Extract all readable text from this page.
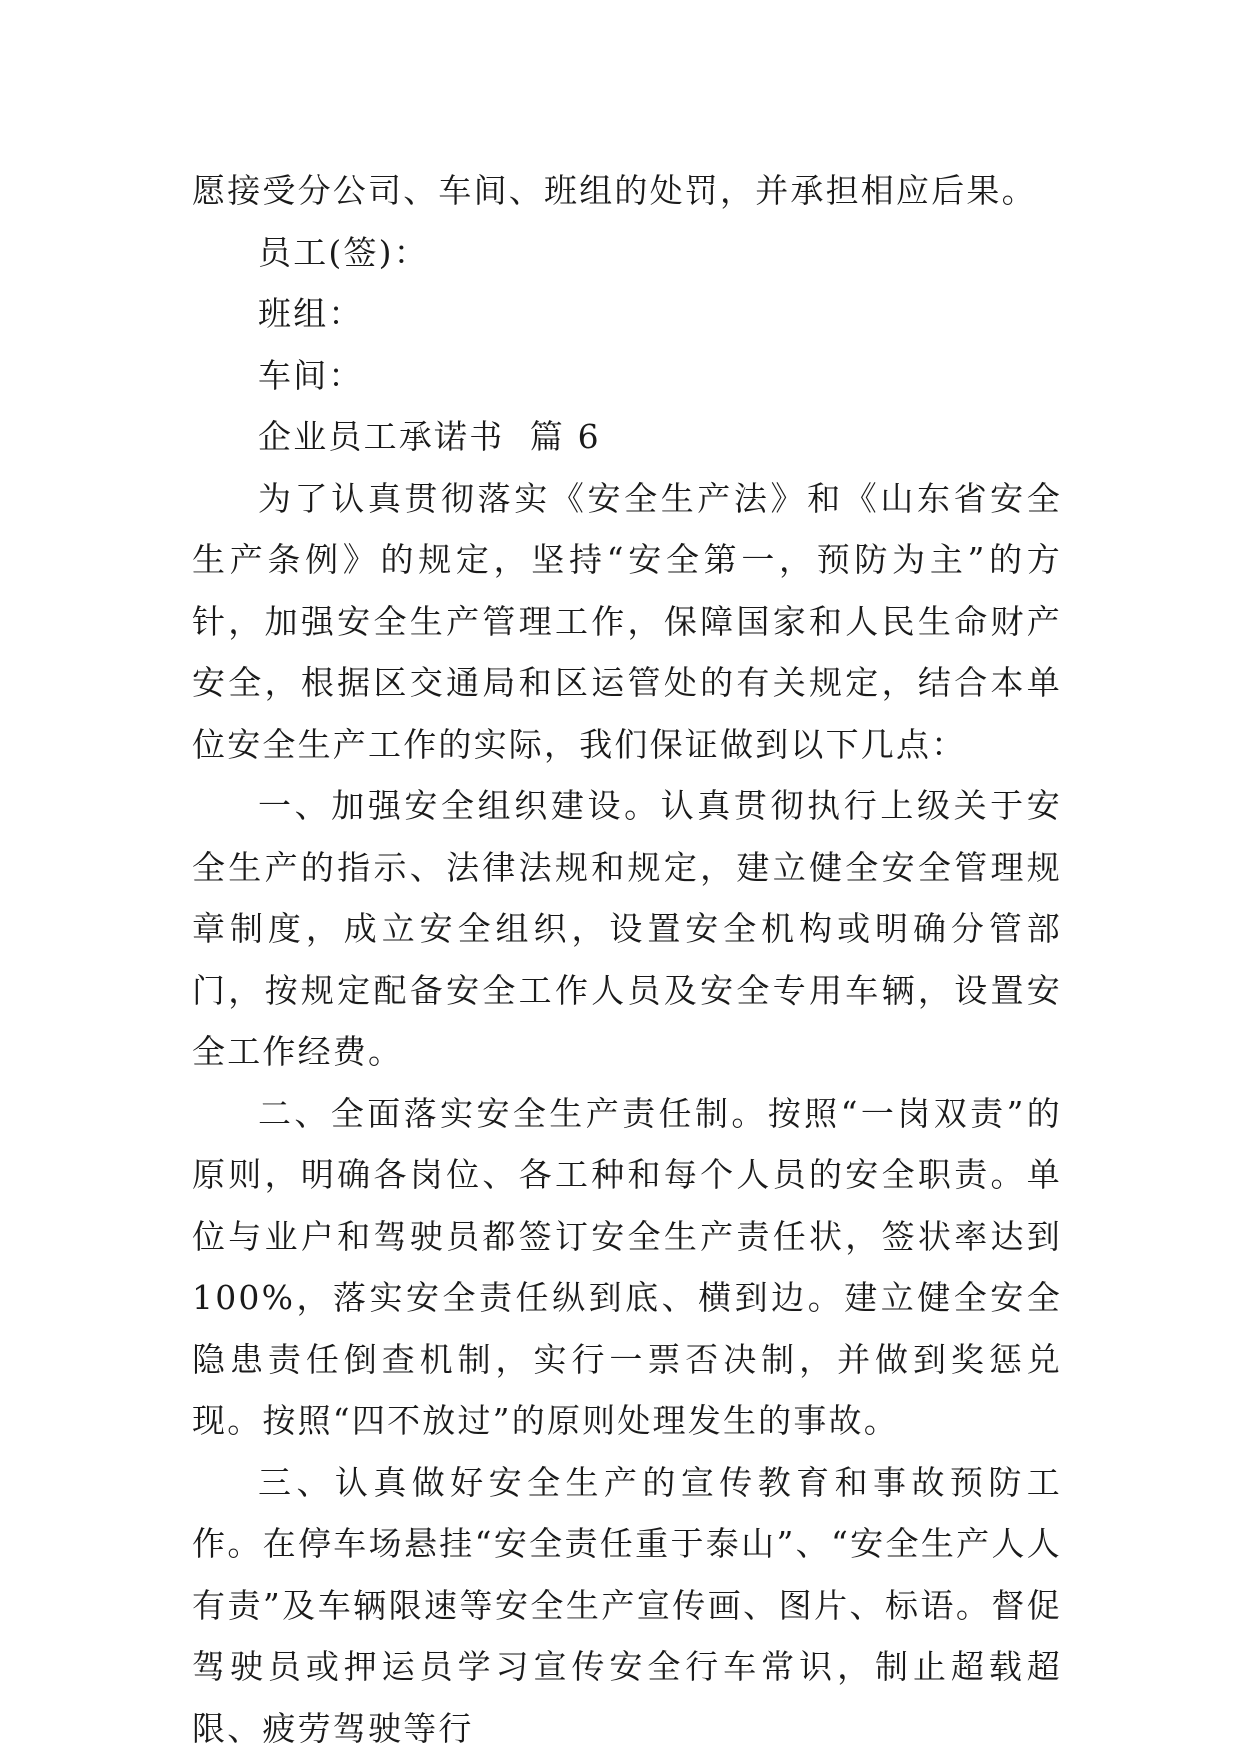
愿接受分公司、车间、班组的处罚，并承担相应后果。

员工(签)：

班组：

车间：

企业员工承诺书  篇 6

为了认真贯彻落实《安全生产法》和《山东省安全生产条例》的规定，坚持“安全第一，预防为主”的方针，加强安全生产管理工作，保障国家和人民生命财产安全，根据区交通局和区运管处的有关规定，结合本单位安全生产工作的实际，我们保证做到以下几点：

一、加强安全组织建设。认真贯彻执行上级关于安全生产的指示、法律法规和规定，建立健全安全管理规章制度，成立安全组织，设置安全机构或明确分管部门，按规定配备安全工作人员及安全专用车辆，设置安全工作经费。

二、全面落实安全生产责任制。按照“一岗双责”的原则，明确各岗位、各工种和每个人员的安全职责。单位与业户和驾驶员都签订安全生产责任状，签状率达到 100%，落实安全责任纵到底、横到边。建立健全安全隐患责任倒查机制，实行一票否决制，并做到奖惩兑现。按照“四不放过”的原则处理发生的事故。

三、认真做好安全生产的宣传教育和事故预防工作。在停车场悬挂“安全责任重于泰山”、“安全生产人人有责”及车辆限速等安全生产宣传画、图片、标语。督促驾驶员或押运员学习宣传安全行车常识，制止超载超限、疲劳驾驶等行
